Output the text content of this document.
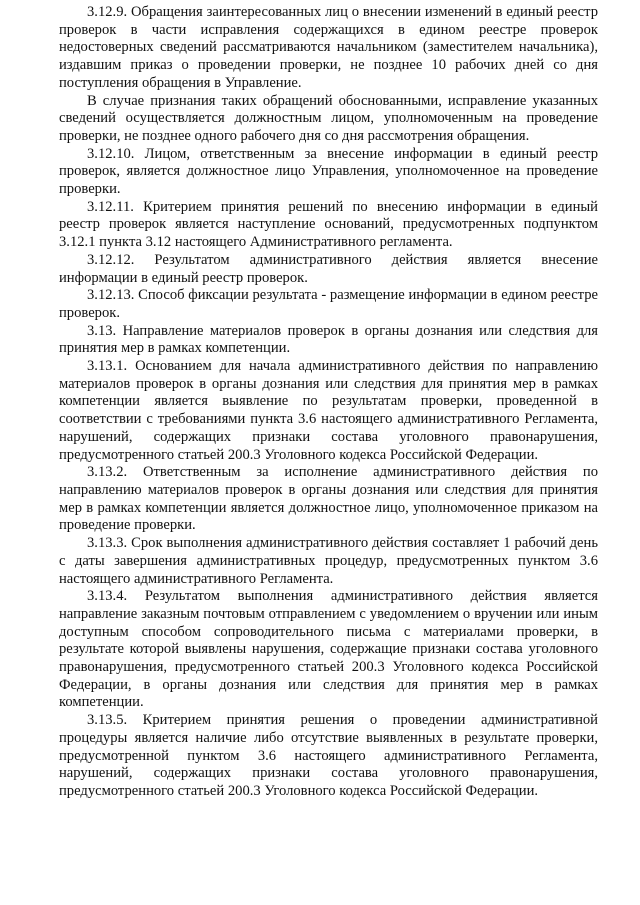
3.12.9. Обращения заинтересованных лиц о внесении изменений в единый реестр проверок в части исправления содержащихся в едином реестре проверок недостоверных сведений рассматриваются начальником (заместителем начальника), издавшим приказ о проведении проверки, не позднее 10 рабочих дней со дня поступления обращения в Управление.

В случае признания таких обращений обоснованными, исправление указанных сведений осуществляется должностным лицом, уполномоченным на проведение проверки, не позднее одного рабочего дня со дня рассмотрения обращения.

3.12.10. Лицом, ответственным за внесение информации в единый реестр проверок, является должностное лицо Управления, уполномоченное на проведение проверки.

3.12.11. Критерием принятия решений по внесению информации в единый реестр проверок является наступление оснований, предусмотренных подпунктом 3.12.1 пункта 3.12 настоящего Административного регламента.

3.12.12. Результатом административного действия является внесение информации в единый реестр проверок.

3.12.13. Способ фиксации результата - размещение информации в едином реестре проверок.

3.13. Направление материалов проверок в органы дознания или следствия для принятия мер в рамках компетенции.

3.13.1. Основанием для начала административного действия по направлению материалов проверок в органы дознания или следствия для принятия мер в рамках компетенции является выявление по результатам проверки, проведенной в соответствии с требованиями пункта 3.6 настоящего административного Регламента, нарушений, содержащих признаки состава уголовного правонарушения, предусмотренного статьей 200.3 Уголовного кодекса Российской Федерации.

3.13.2. Ответственным за исполнение административного действия по направлению материалов проверок в органы дознания или следствия для принятия мер в рамках компетенции является должностное лицо, уполномоченное приказом на проведение проверки.

3.13.3. Срок выполнения административного действия составляет 1 рабочий день с даты завершения административных процедур, предусмотренных пунктом 3.6 настоящего административного Регламента.

3.13.4. Результатом выполнения административного действия является направление заказным почтовым отправлением с уведомлением о вручении или иным доступным способом сопроводительного письма с материалами проверки, в результате которой выявлены нарушения, содержащие признаки состава уголовного правонарушения, предусмотренного статьей 200.3 Уголовного кодекса Российской Федерации, в органы дознания или следствия для принятия мер в рамках компетенции.

3.13.5. Критерием принятия решения о проведении административной процедуры является наличие либо отсутствие выявленных в результате проверки, предусмотренной пунктом 3.6 настоящего административного Регламента, нарушений, содержащих признаки состава уголовного правонарушения, предусмотренного статьей 200.3 Уголовного кодекса Российской Федерации.
